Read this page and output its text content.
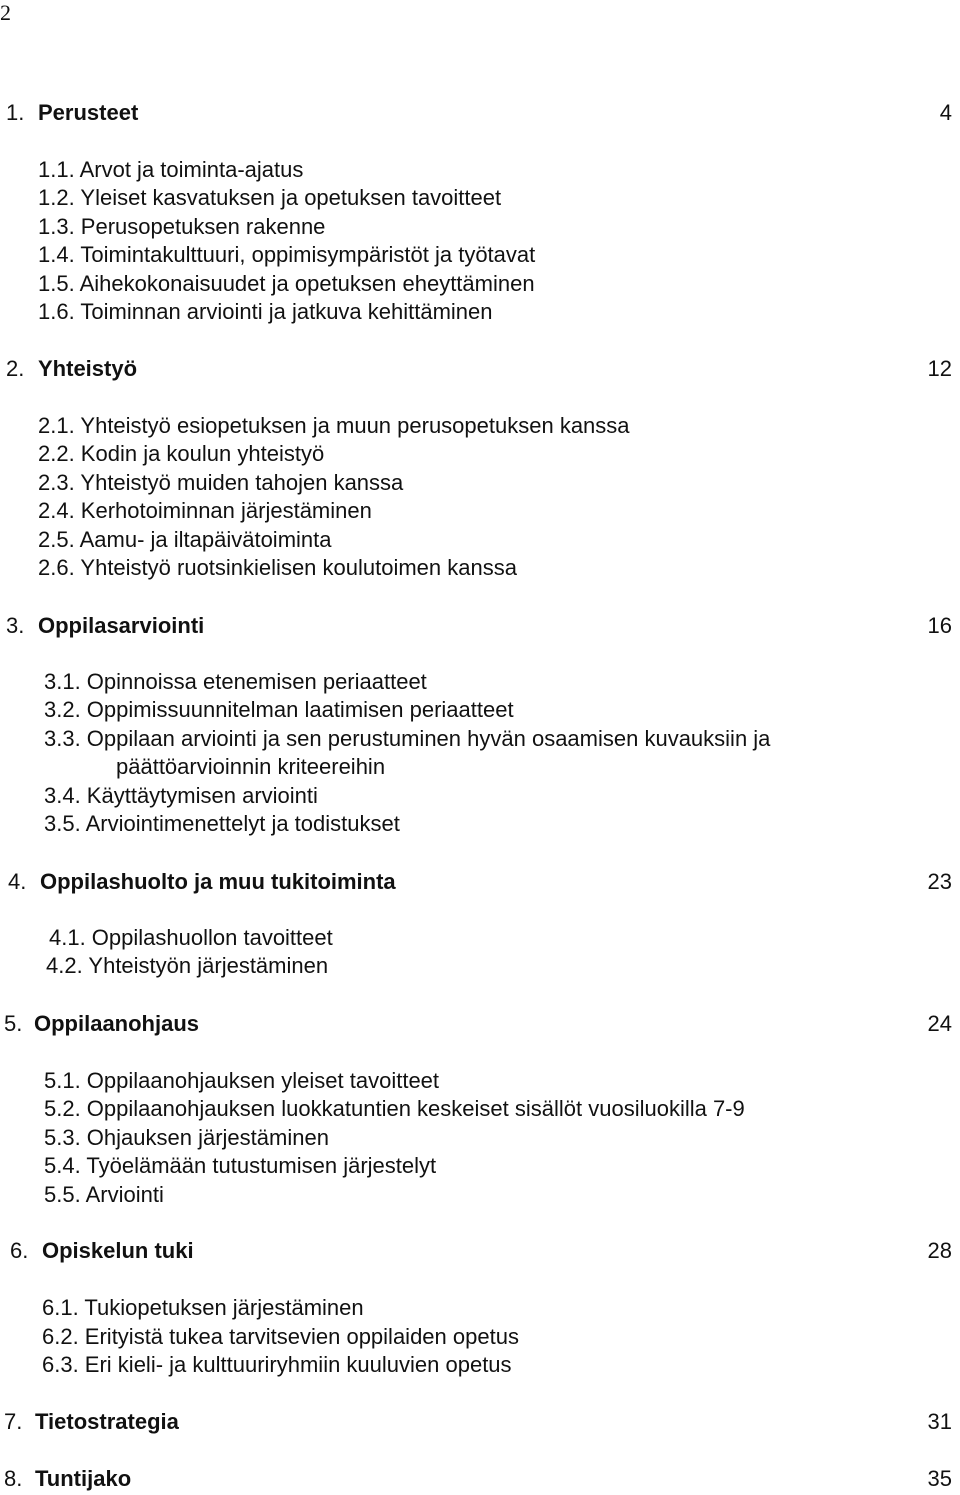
2
1. Perusteet	4
1.1. Arvot ja toiminta-ajatus
1.2. Yleiset kasvatuksen ja opetuksen tavoitteet
1.3. Perusopetuksen rakenne
1.4. Toimintakulttuuri, oppimisympäristöt ja työtavat
1.5. Aihekokonaisuudet ja opetuksen eheyttäminen
1.6. Toiminnan arviointi ja jatkuva kehittäminen
2. Yhteistyö	12
2.1. Yhteistyö esiopetuksen ja muun perusopetuksen kanssa
2.2. Kodin ja koulun yhteistyö
2.3. Yhteistyö muiden tahojen kanssa
2.4. Kerhotoiminnan järjestäminen
2.5. Aamu- ja iltapäivätoiminta
2.6. Yhteistyö ruotsinkielisen koulutoimen kanssa
3. Oppilasarviointi	16
3.1. Opinnoissa etenemisen periaatteet
3.2. Oppimissuunnitelman laatimisen periaatteet
3.3. Oppilaan arviointi ja sen perustuminen hyvän osaamisen kuvauksiin ja
päättöarvioinnin kriteereihin
3.4. Käyttäytymisen arviointi
3.5. Arviointimenettelyt ja todistukset
4. Oppilashuolto ja muu tukitoiminta	23
4.1. Oppilashuollon tavoitteet
4.2. Yhteistyön järjestäminen
5. Oppilaanohjaus	24
5.1. Oppilaanohjauksen yleiset tavoitteet
5.2. Oppilaanohjauksen luokkatuntien keskeiset sisällöt vuosiluokilla 7-9
5.3. Ohjauksen järjestäminen
5.4. Työelämään tutustumisen järjestelyt
5.5. Arviointi
6. Opiskelun tuki	28
6.1. Tukiopetuksen järjestäminen
6.2. Erityistä tukea tarvitsevien oppilaiden opetus
6.3. Eri kieli- ja kulttuuriryhmiin kuuluvien opetus
7. Tietostrategia	31
8. Tuntijako	35
